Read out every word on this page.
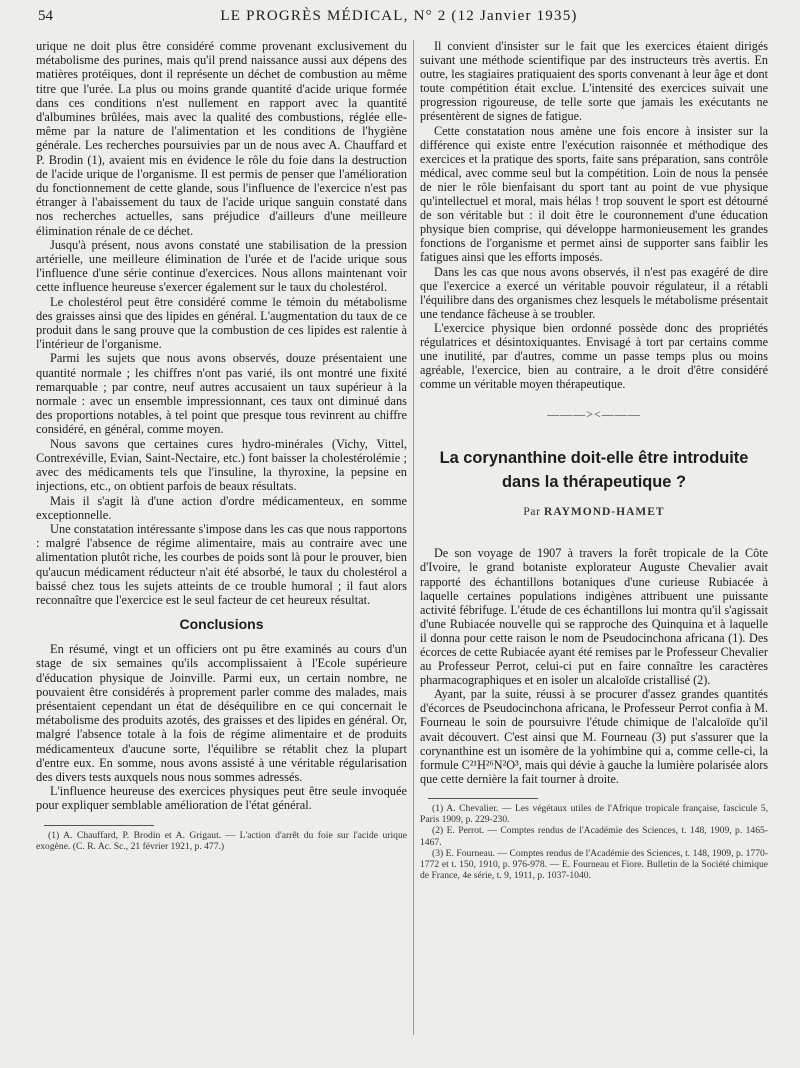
54	LE PROGRÈS MÉDICAL, N° 2 (12 Janvier 1935)

urique ne doit plus être considéré comme provenant exclusivement du métabolisme des purines, mais qu'il prend naissance aussi aux dépens des matières protéiques, dont il représente un déchet de combustion au même titre que l'urée. La plus ou moins grande quantité d'acide urique formée dans ces conditions n'est nullement en rapport avec la quantité d'albumines brûlées, mais avec la qualité des combustions, réglée elle-même par la nature de l'alimentation et les conditions de l'hygiène générale. Les recherches poursuivies par un de nous avec A. Chauffard et P. Brodin (1), avaient mis en évidence le rôle du foie dans la destruction de l'acide urique de l'organisme. Il est permis de penser que l'amélioration du fonctionnement de cette glande, sous l'influence de l'exercice n'est pas étranger à l'abaissement du taux de l'acide urique sanguin constaté dans nos recherches actuelles, sans préjudice d'ailleurs d'une meilleure élimination rénale de ce déchet.

Jusqu'à présent, nous avons constaté une stabilisation de la pression artérielle, une meilleure élimination de l'urée et de l'acide urique sous l'influence d'une série continue d'exercices. Nous allons maintenant voir cette influence heureuse s'exercer également sur le taux du cholestérol.

Le cholestérol peut être considéré comme le témoin du métabolisme des graisses ainsi que des lipides en général. L'augmentation du taux de ce produit dans le sang prouve que la combustion de ces lipides est ralentie à l'intérieur de l'organisme.

Parmi les sujets que nous avons observés, douze présentaient une quantité normale ; les chiffres n'ont pas varié, ils ont montré une fixité remarquable ; par contre, neuf autres accusaient un taux supérieur à la normale : avec un ensemble impressionnant, ces taux ont diminué dans des proportions notables, à tel point que presque tous revinrent au chiffre considéré, en général, comme moyen.

Nous savons que certaines cures hydro-minérales (Vichy, Vittel, Contrexéville, Evian, Saint-Nectaire, etc.) font baisser la cholestérolémie ; avec des médicaments tels que l'insuline, la thyroxine, la pepsine en injections, etc., on obtient parfois de beaux résultats.

Mais il s'agit là d'une action d'ordre médicamenteux, en somme exceptionnelle.

Une constatation intéressante s'impose dans les cas que nous rapportons : malgré l'absence de régime alimentaire, mais au contraire avec une alimentation plutôt riche, les courbes de poids sont là pour le prouver, bien qu'aucun médicament réducteur n'ait été absorbé, le taux du cholestérol a baissé chez tous les sujets atteints de ce trouble humoral ; il faut alors reconnaître que l'exercice est le seul facteur de cet heureux résultat.

Conclusions

En résumé, vingt et un officiers ont pu être examinés au cours d'un stage de six semaines qu'ils accomplissaient à l'Ecole supérieure d'éducation physique de Joinville. Parmi eux, un certain nombre, ne pouvaient être considérés à proprement parler comme des malades, mais présentaient cependant un état de déséquilibre en ce qui concernait le métabolisme des produits azotés, des graisses et des lipides en général. Or, malgré l'absence totale à la fois de régime alimentaire et de produits médicamenteux d'aucune sorte, l'équilibre se rétablit chez la plupart d'entre eux. En somme, nous avons assisté à une véritable régularisation des divers tests auxquels nous nous sommes adressés.

L'influence heureuse des exercices physiques peut être seule invoquée pour expliquer semblable amélioration de l'état général.

(1) A. Chauffard, P. Brodin et A. Grigaut. — L'action d'arrêt du foie sur l'acide urique exogène. (C. R. Ac. Sc., 21 février 1921, p. 477.)

Il convient d'insister sur le fait que les exercices étaient dirigés suivant une méthode scientifique par des instructeurs très avertis. En outre, les stagiaires pratiquaient des sports convenant à leur âge et dont toute compétition était exclue. L'intensité des exercices suivait une progression rigoureuse, de telle sorte que jamais les exécutants ne présentèrent de signes de fatigue.

Cette constatation nous amène une fois encore à insister sur la différence qui existe entre l'exécution raisonnée et méthodique des exercices et la pratique des sports, faite sans préparation, sans contrôle médical, avec comme seul but la compétition. Loin de nous la pensée de nier le rôle bienfaisant du sport tant au point de vue physique qu'intellectuel et moral, mais hélas ! trop souvent le sport est détourné de son véritable but : il doit être le couronnement d'une éducation physique bien comprise, qui développe harmonieusement les grandes fonctions de l'organisme et permet ainsi de supporter sans faiblir les fatigues ainsi que les efforts imposés.

Dans les cas que nous avons observés, il n'est pas exagéré de dire que l'exercice a exercé un véritable pouvoir régulateur, il a rétabli l'équilibre dans des organismes chez lesquels le métabolisme présentait une tendance fâcheuse à se troubler.

L'exercice physique bien ordonné possède donc des propriétés régulatrices et désintoxiquantes. Envisagé à tort par certains comme une inutilité, par d'autres, comme un passe temps plus ou moins agréable, l'exercice, bien au contraire, a le droit d'être considéré comme un véritable moyen thérapeutique.

———><———
La corynanthine doit-elle être introduite
dans la thérapeutique ?
Par RAYMOND-HAMET

De son voyage de 1907 à travers la forêt tropicale de la Côte d'Ivoire, le grand botaniste explorateur Auguste Chevalier avait rapporté des échantillons botaniques d'une curieuse Rubiacée à laquelle certaines populations indigènes attribuent une puissante activité fébrifuge. L'étude de ces échantillons lui montra qu'il s'agissait d'une Rubiacée nouvelle qui se rapproche des Quinquina et à laquelle il donna pour cette raison le nom de Pseudocinchona africana (1). Des écorces de cette Rubiacée ayant été remises par le Professeur Chevalier au Professeur Perrot, celui-ci put en faire connaître les caractères pharmacographiques et en isoler un alcaloïde cristallisé (2).

Ayant, par la suite, réussi à se procurer d'assez grandes quantités d'écorces de Pseudocinchona africana, le Professeur Perrot confia à M. Fourneau le soin de poursuivre l'étude chimique de l'alcaloïde qu'il avait découvert. C'est ainsi que M. Fourneau (3) put s'assurer que la corynanthine est un isomère de la yohimbine qui a, comme celle-ci, la formule C²¹H²⁶N²O³, mais qui dévie à gauche la lumière polarisée alors que cette dernière la fait tourner à droite.

(1) A. Chevalier. — Les végétaux utiles de l'Afrique tropicale française, fascicule 5, Paris 1909, p. 229-230.

(2) E. Perrot. — Comptes rendus de l'Académie des Sciences, t. 148, 1909, p. 1465-1467.

(3) E. Fourneau. — Comptes rendus de l'Académie des Sciences, t. 148, 1909, p. 1770-1772 et t. 150, 1910, p. 976-978. — E. Fourneau et Fiore. Bulletin de la Société chimique de France, 4e série, t. 9, 1911, p. 1037-1040.
